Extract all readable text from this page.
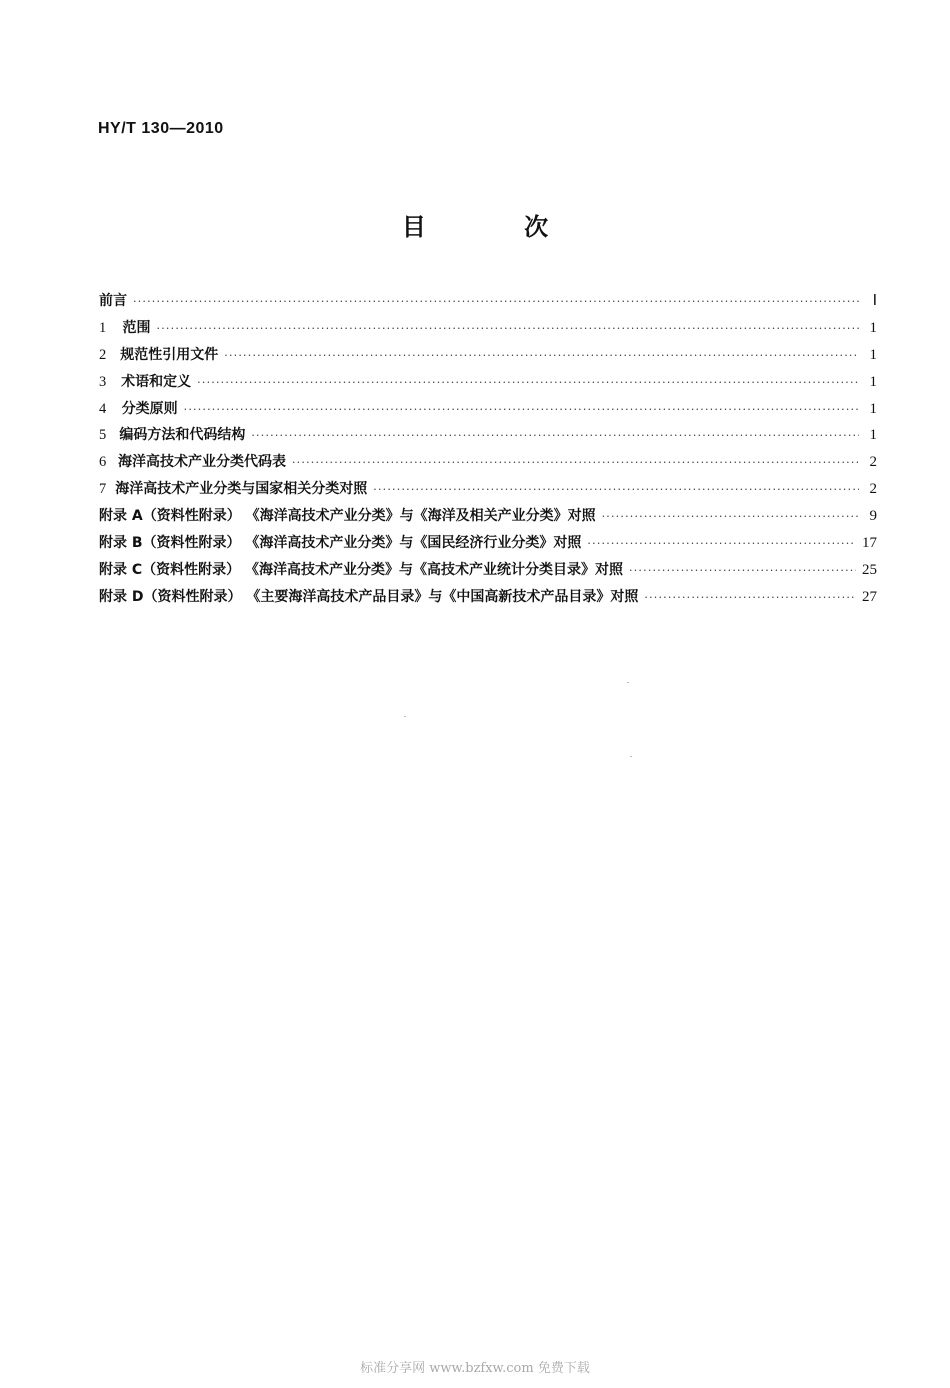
HY/T 130—2010
目 次
前言 ·····	Ⅰ
1	范围 ·····	1
2	规范性引用文件 ·····	1
3	术语和定义 ·····	1
4	分类原则 ·····	1
5 编码方法和代码结构 ·····	1
6 海洋高技术产业分类代码表 ·····	2
7 海洋高技术产业分类与国家相关分类对照 ·····	2
附录 A（资料性附录） 《海洋高技术产业分类》与《海洋及相关产业分类》对照 ·····	9
附录 B（资料性附录） 《海洋高技术产业分类》与《国民经济行业分类》对照 ·····	17
附录 C（资料性附录） 《海洋高技术产业分类》与《高技术产业统计分类目录》对照 ·····	25
附录 D（资料性附录） 《主要海洋高技术产品目录》与《中国高新技术产品目录》对照 ·····	27
标准分享网 www.bzfxw.com 免费下载
